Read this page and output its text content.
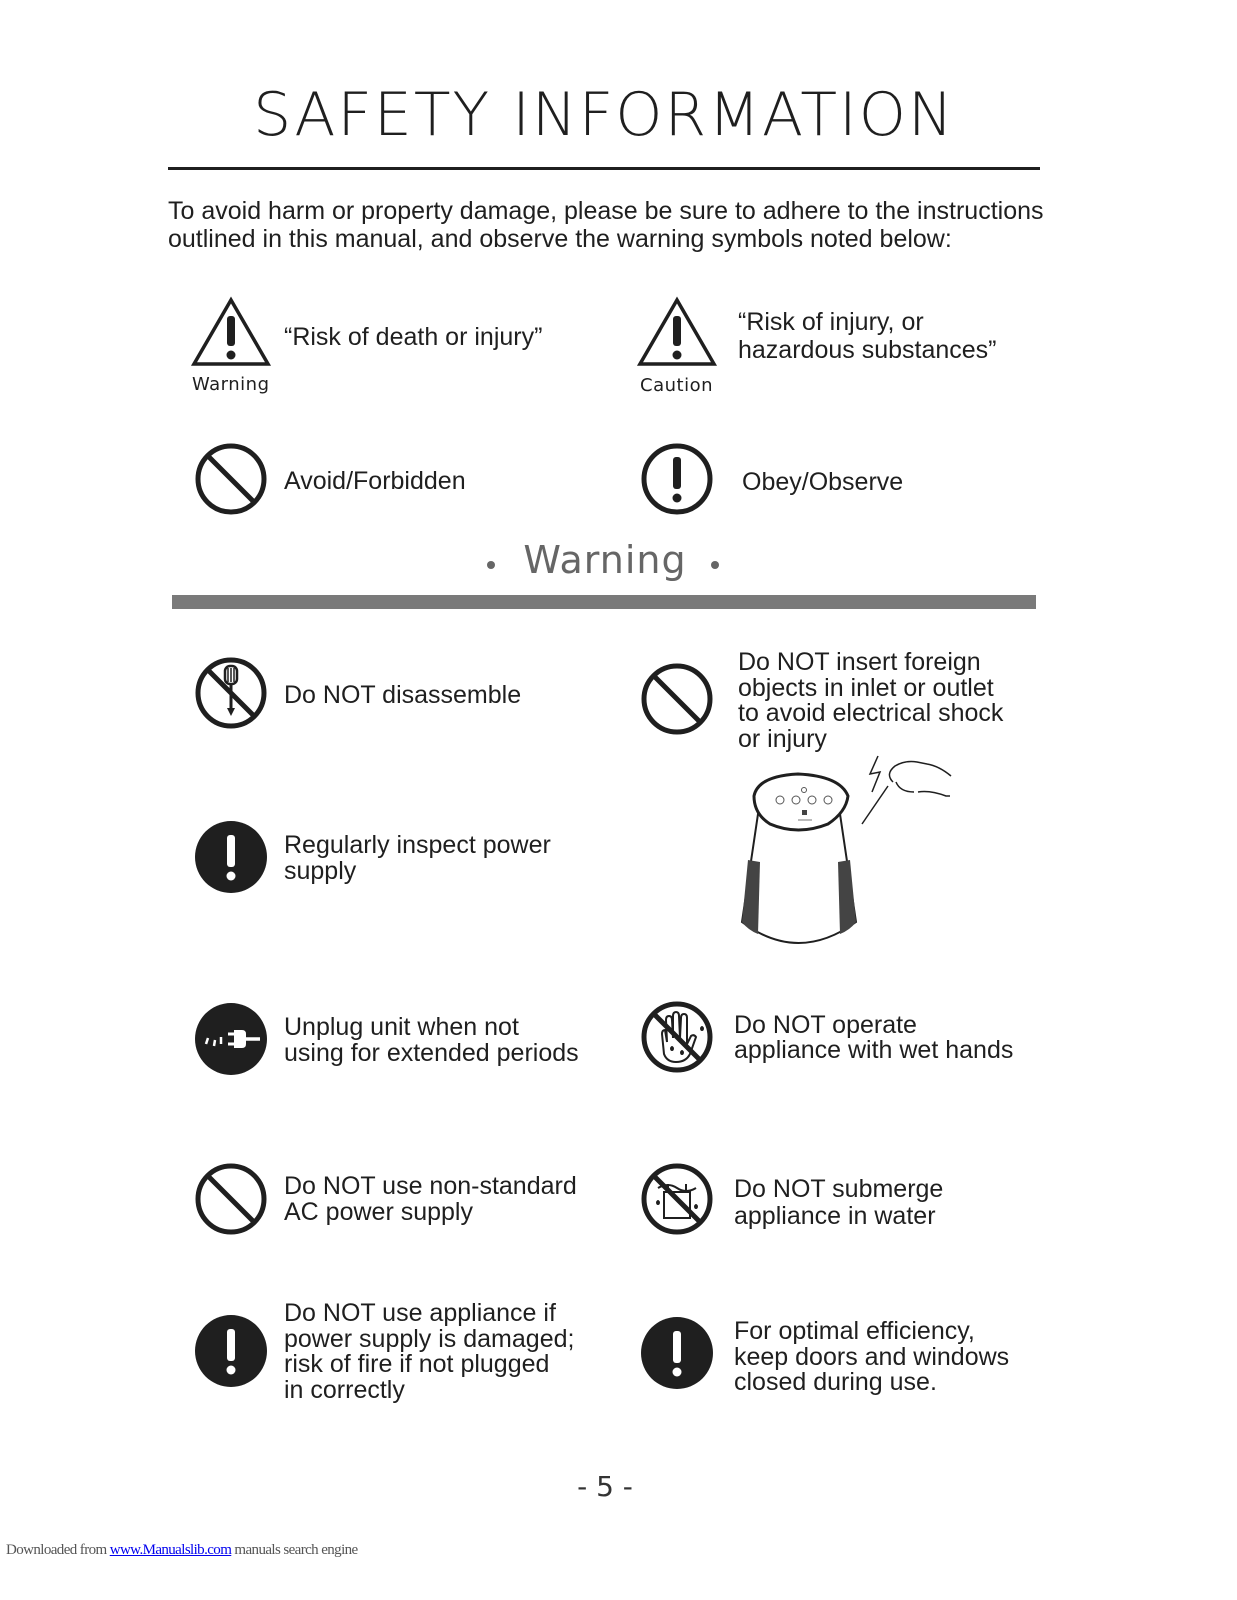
SAFETY INFORMATION
To avoid harm or property damage, please be sure to adhere to the instructions outlined in this manual, and observe the warning symbols noted below:
Warning
“Risk of death or injury”
Caution
“Risk of injury, or
hazardous substances”
Avoid/Forbidden	Obey/Observe
Warning
Do NOT disassemble
Do NOT insert foreign
objects in inlet or outlet
to avoid electrical shock
or injury
Regularly inspect power
supply
Unplug unit when not
using for extended periods
Do NOT operate
appliance with wet hands
Do NOT use non-standard
AC power supply
Do NOT submerge
appliance in water
Do NOT use appliance if
power supply is damaged;
risk of fire if not plugged
in correctly
For optimal efficiency,
keep doors and windows
closed during use.
- 5 -
Downloaded from www.Manualslib.com manuals search engine
